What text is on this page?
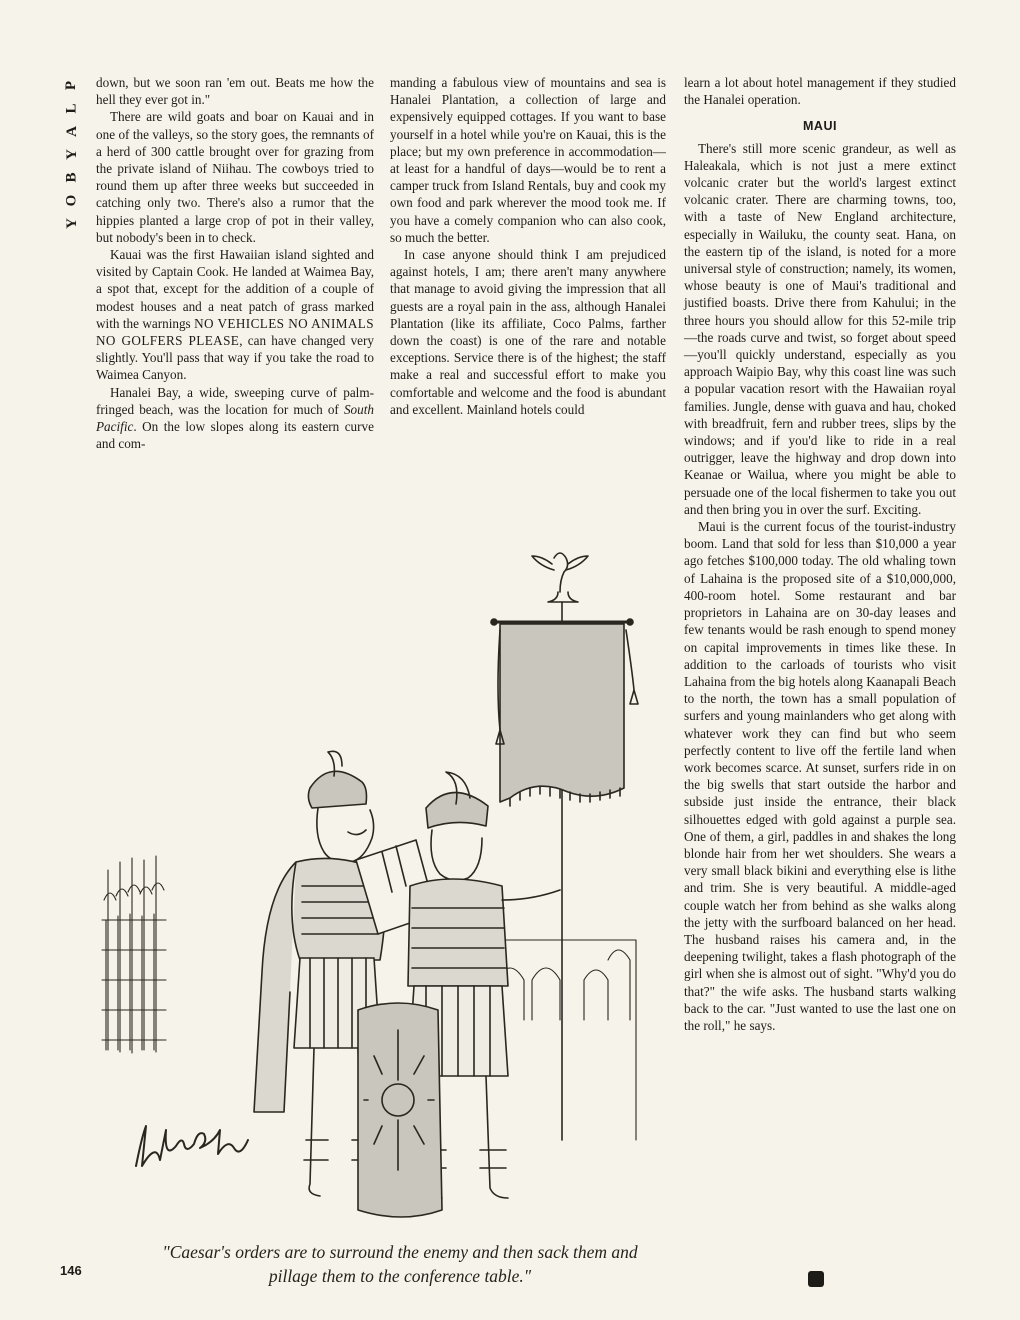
P
L
A
Y
B
O
Y

down, but we soon ran 'em out. Beats me how the hell they ever got in."

There are wild goats and boar on Kauai and in one of the valleys, so the story goes, the remnants of a herd of 300 cattle brought over for grazing from the private island of Niihau. The cowboys tried to round them up after three weeks but succeeded in catching only two. There's also a rumor that the hippies planted a large crop of pot in their valley, but nobody's been in to check.

Kauai was the first Hawaiian island sighted and visited by Captain Cook. He landed at Waimea Bay, a spot that, except for the addition of a couple of modest houses and a neat patch of grass marked with the warnings NO VEHICLES NO ANIMALS NO GOLFERS PLEASE, can have changed very slightly. You'll pass that way if you take the road to Waimea Canyon.

Hanalei Bay, a wide, sweeping curve of palm-fringed beach, was the location for much of South Pacific. On the low slopes along its eastern curve and com-

manding a fabulous view of mountains and sea is Hanalei Plantation, a collection of large and expensively equipped cottages. If you want to base yourself in a hotel while you're on Kauai, this is the place; but my own preference in accommodation—at least for a handful of days—would be to rent a camper truck from Island Rentals, buy and cook my own food and park wherever the mood took me. If you have a comely companion who can also cook, so much the better.

In case anyone should think I am prejudiced against hotels, I am; there aren't many anywhere that manage to avoid giving the impression that all guests are a royal pain in the ass, although Hanalei Plantation (like its affiliate, Coco Palms, farther down the coast) is one of the rare and notable exceptions. Service there is of the highest; the staff make a real and successful effort to make you comfortable and welcome and the food is abundant and excellent. Mainland hotels could

learn a lot about hotel management if they studied the Hanalei operation.

MAUI

There's still more scenic grandeur, as well as Haleakala, which is not just a mere extinct volcanic crater but the world's largest extinct volcanic crater. There are charming towns, too, with a taste of New England architecture, especially in Wailuku, the county seat. Hana, on the eastern tip of the island, is noted for a more universal style of construction; namely, its women, whose beauty is one of Maui's traditional and justified boasts. Drive there from Kahului; in the three hours you should allow for this 52-mile trip—the roads curve and twist, so forget about speed—you'll quickly understand, especially as you approach Waipio Bay, why this coast line was such a popular vacation resort with the Hawaiian royal families. Jungle, dense with guava and hau, choked with breadfruit, fern and rubber trees, slips by the windows; and if you'd like to ride in a real outrigger, leave the highway and drop down into Keanae or Wailua, where you might be able to persuade one of the local fishermen to take you out and then bring you in over the surf. Exciting.

Maui is the current focus of the tourist-industry boom. Land that sold for less than $10,000 a year ago fetches $100,000 today. The old whaling town of Lahaina is the proposed site of a $10,000,000, 400-room hotel. Some restaurant and bar proprietors in Lahaina are on 30-day leases and few tenants would be rash enough to spend money on capital improvements in times like these. In addition to the carloads of tourists who visit Lahaina from the big hotels along Kaanapali Beach to the north, the town has a small population of surfers and young mainlanders who get along with whatever work they can find but who seem perfectly content to live off the fertile land when work becomes scarce. At sunset, surfers ride in on the big swells that start outside the harbor and subside just inside the entrance, their black silhouettes edged with gold against a purple sea. One of them, a girl, paddles in and shakes the long blonde hair from her wet shoulders. She wears a very small black bikini and everything else is lithe and trim. She is very beautiful. A middle-aged couple watch her from behind as she walks along the jetty with the surfboard balanced on her head. The husband raises his camera and, in the deepening twilight, takes a flash photograph of the girl when she is almost out of sight. "Why'd you do that?" the wife asks. The husband starts walking back to the car. "Just wanted to use the last one on the roll," he says.

"Caesar's orders are to surround the enemy and then sack them and pillage them to the conference table."
146
